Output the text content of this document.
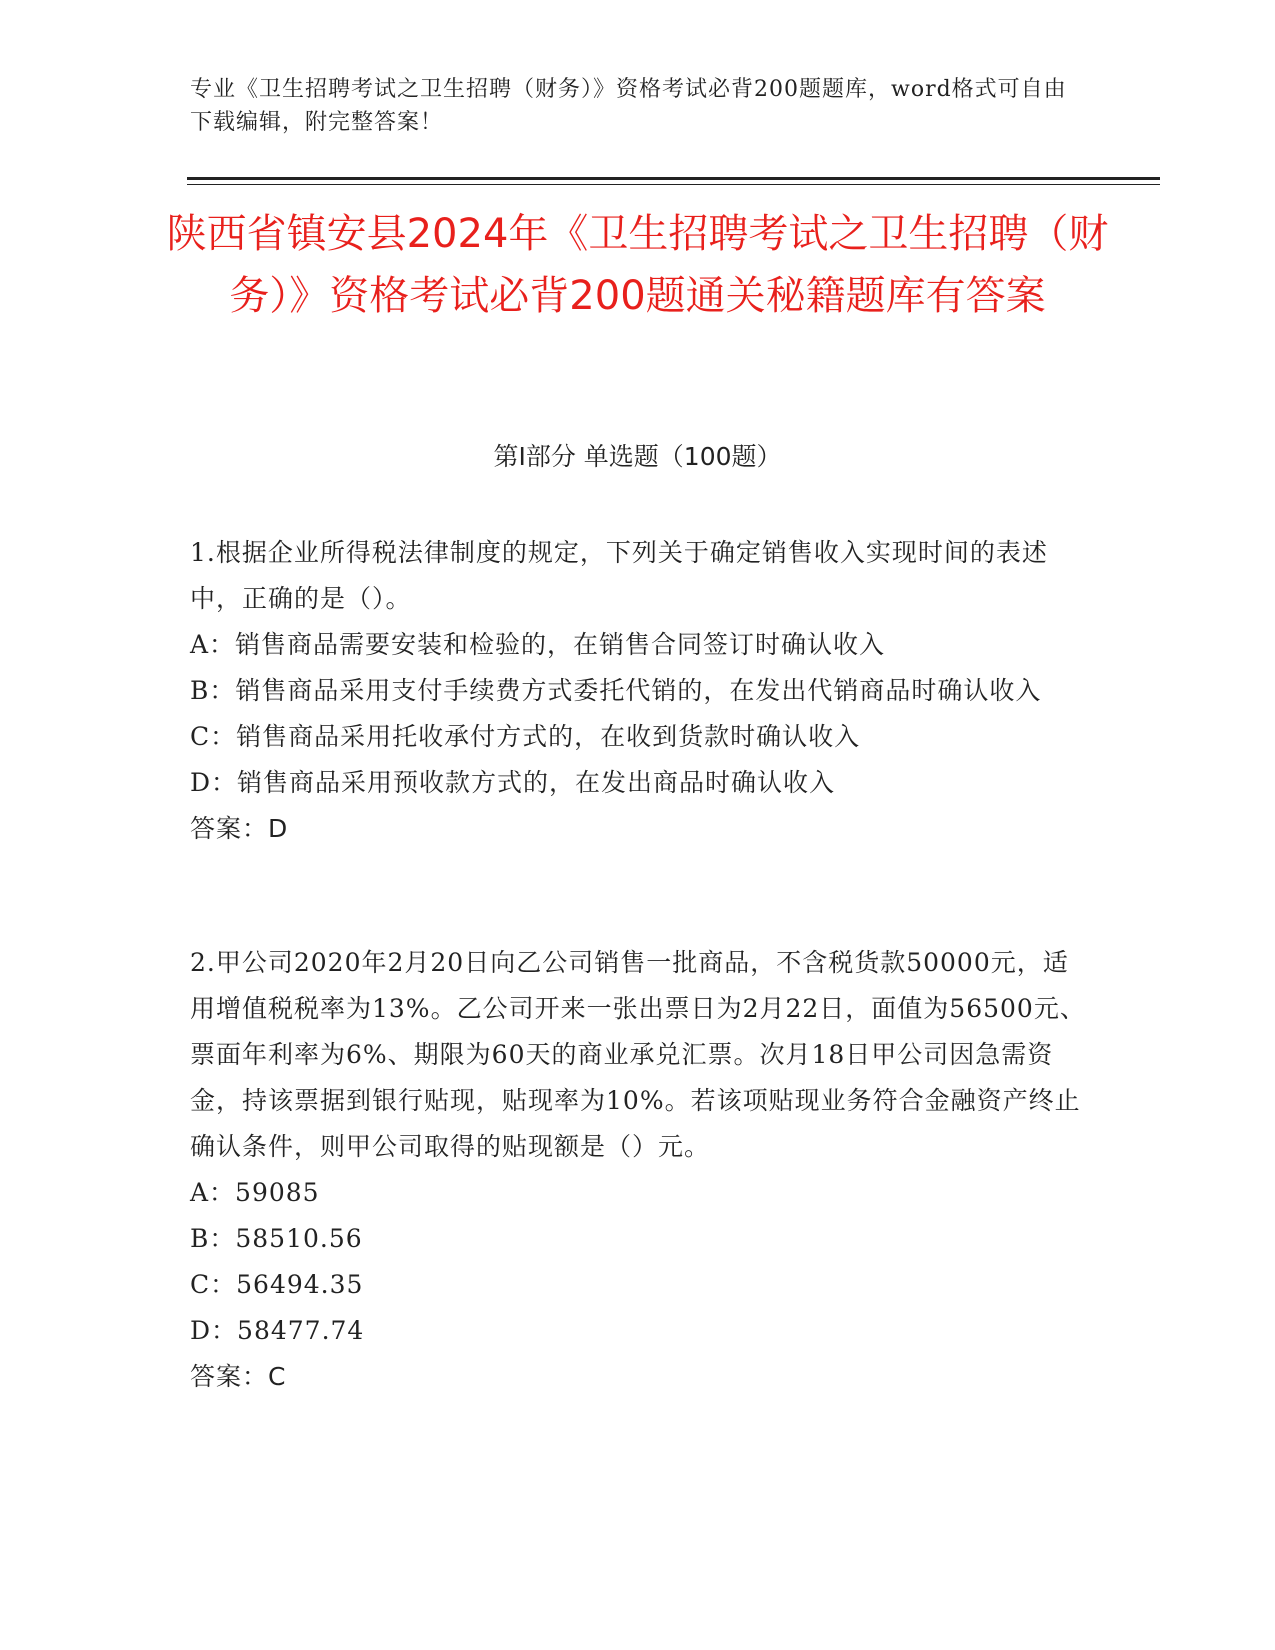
专业《卫生招聘考试之卫生招聘（财务）》资格考试必背200题题库，word格式可自由下载编辑，附完整答案！
陕西省镇安县2024年《卫生招聘考试之卫生招聘（财务）》资格考试必背200题通关秘籍题库有答案
第I部分 单选题（100题）
1.根据企业所得税法律制度的规定，下列关于确定销售收入实现时间的表述中，正确的是（）。
A：销售商品需要安装和检验的，在销售合同签订时确认收入
B：销售商品采用支付手续费方式委托代销的，在发出代销商品时确认收入
C：销售商品采用托收承付方式的，在收到货款时确认收入
D：销售商品采用预收款方式的，在发出商品时确认收入
答案：D
2.甲公司2020年2月20日向乙公司销售一批商品，不含税货款50000元，适用增值税税率为13%。乙公司开来一张出票日为2月22日，面值为56500元、票面年利率为6%、期限为60天的商业承兑汇票。次月18日甲公司因急需资金，持该票据到银行贴现，贴现率为10%。若该项贴现业务符合金融资产终止确认条件，则甲公司取得的贴现额是（）元。
A：59085
B：58510.56
C：56494.35
D：58477.74
答案：C
